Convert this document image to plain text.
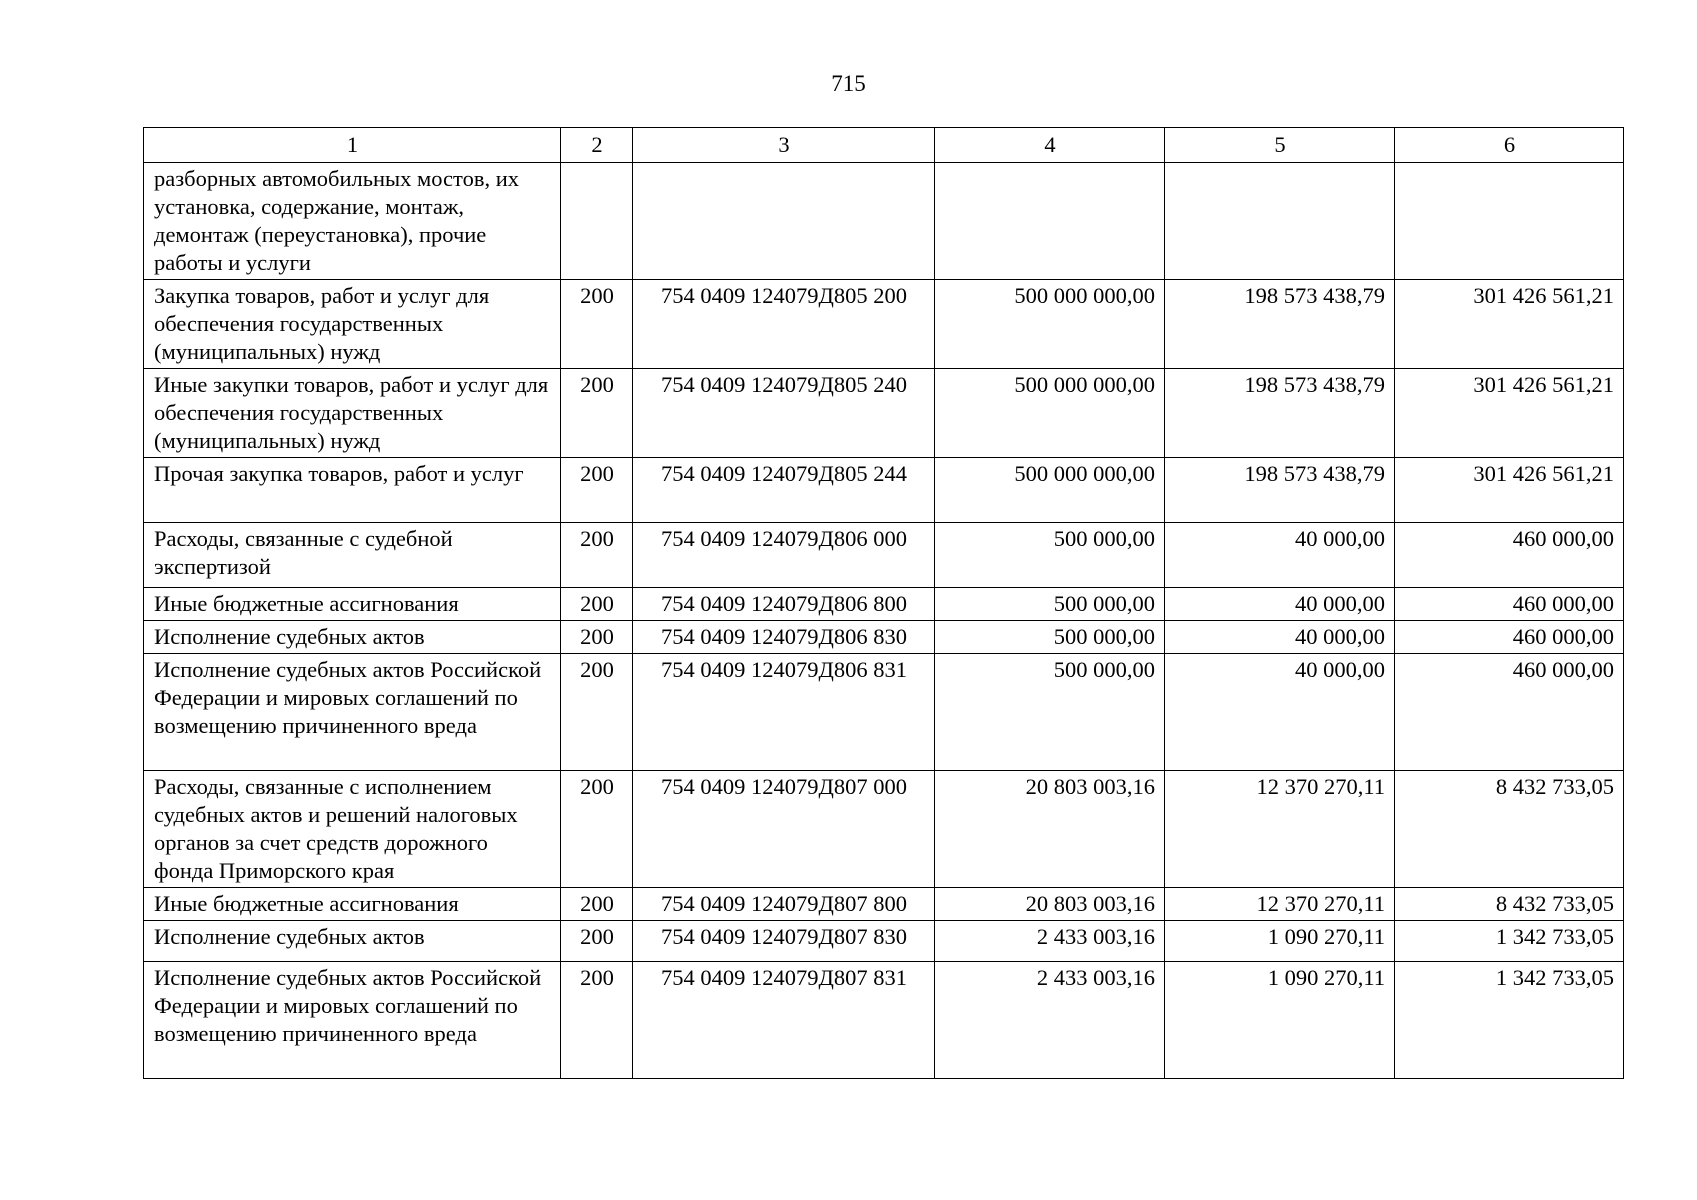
715
1	2	3	4	5	6
разборных автомобильных мостов, их установка, содержание, монтаж, демонтаж (переустановка), прочие работы и услуги					
Закупка товаров, работ и услуг для обеспечения государственных (муниципальных) нужд	200	754 0409 124079Д805 200	500 000 000,00	198 573 438,79	301 426 561,21
Иные закупки товаров, работ и услуг для обеспечения государственных (муниципальных) нужд	200	754 0409 124079Д805 240	500 000 000,00	198 573 438,79	301 426 561,21
Прочая закупка товаров, работ и услуг	200	754 0409 124079Д805 244	500 000 000,00	198 573 438,79	301 426 561,21
Расходы, связанные с судебной экспертизой	200	754 0409 124079Д806 000	500 000,00	40 000,00	460 000,00
Иные бюджетные ассигнования	200	754 0409 124079Д806 800	500 000,00	40 000,00	460 000,00
Исполнение судебных актов	200	754 0409 124079Д806 830	500 000,00	40 000,00	460 000,00
Исполнение судебных актов Российской Федерации и мировых соглашений по возмещению причиненного вреда	200	754 0409 124079Д806 831	500 000,00	40 000,00	460 000,00
Расходы, связанные с исполнением судебных актов и решений налоговых органов за счет средств дорожного фонда Приморского края	200	754 0409 124079Д807 000	20 803 003,16	12 370 270,11	8 432 733,05
Иные бюджетные ассигнования	200	754 0409 124079Д807 800	20 803 003,16	12 370 270,11	8 432 733,05
Исполнение судебных актов	200	754 0409 124079Д807 830	2 433 003,16	1 090 270,11	1 342 733,05
Исполнение судебных актов Российской Федерации и мировых соглашений по возмещению причиненного вреда	200	754 0409 124079Д807 831	2 433 003,16	1 090 270,11	1 342 733,05
